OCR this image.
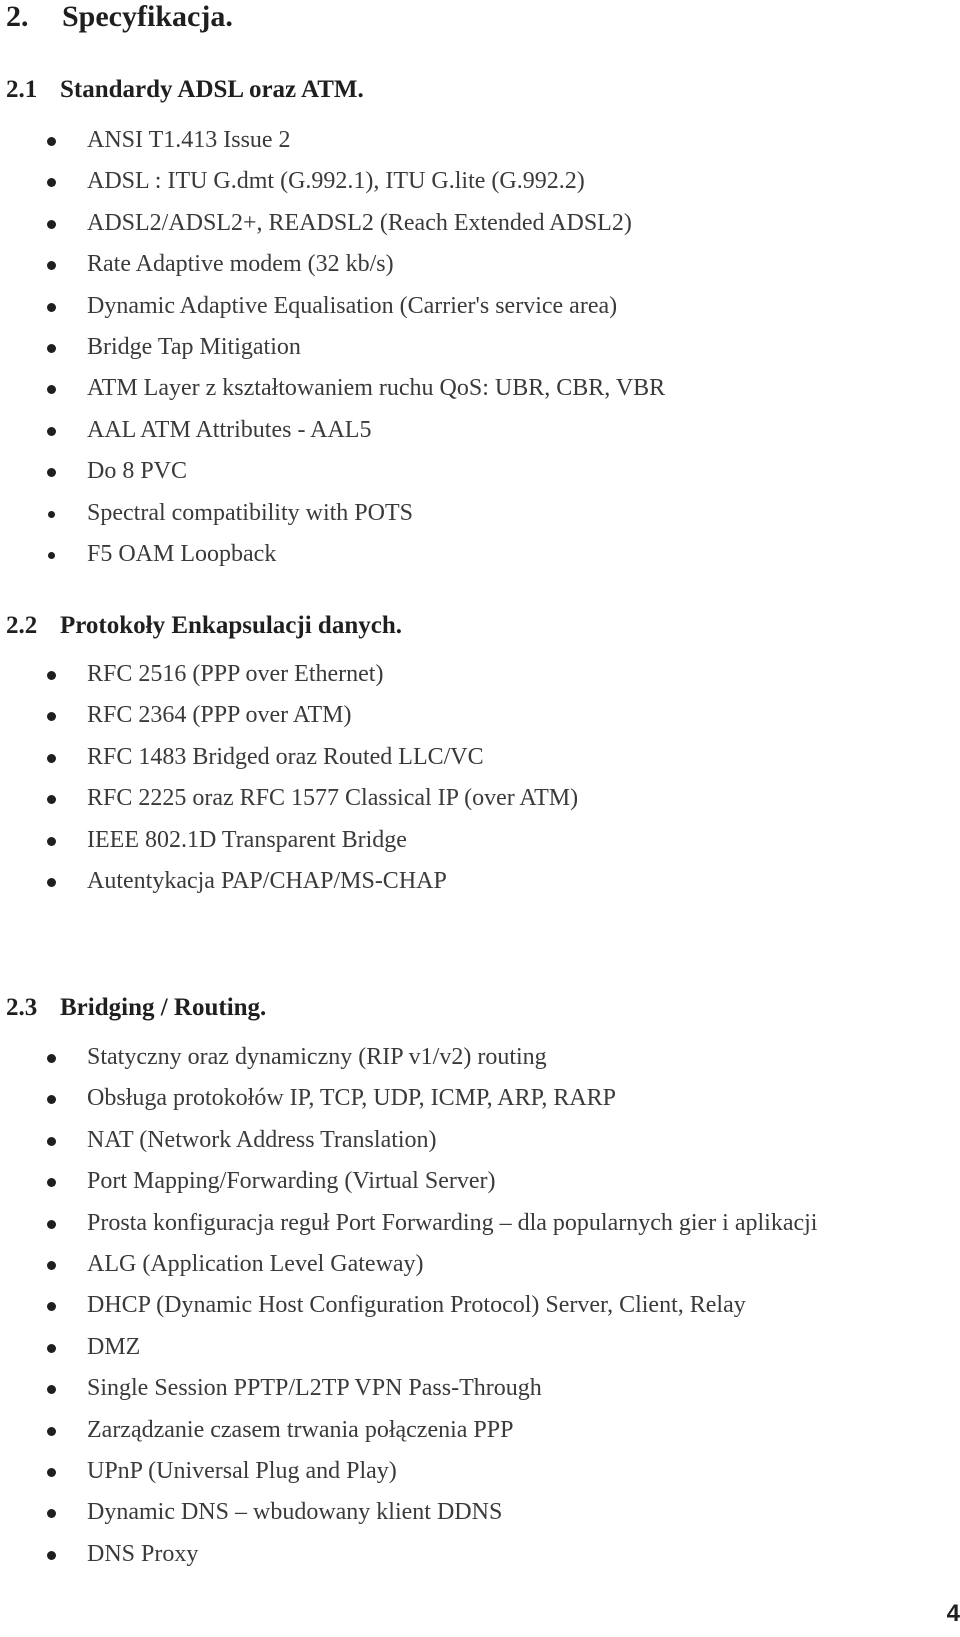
2. Specyfikacja.
2.1 Standardy ADSL oraz ATM.
ANSI T1.413 Issue 2
ADSL : ITU G.dmt (G.992.1), ITU G.lite (G.992.2)
ADSL2/ADSL2+, READSL2 (Reach Extended ADSL2)
Rate Adaptive modem (32 kb/s)
Dynamic Adaptive Equalisation (Carrier's service area)
Bridge Tap Mitigation
ATM Layer z kształtowaniem ruchu QoS: UBR, CBR, VBR
AAL ATM Attributes - AAL5
Do 8 PVC
Spectral compatibility with POTS
F5 OAM Loopback
2.2 Protokoły Enkapsulacji danych.
RFC 2516 (PPP over Ethernet)
RFC 2364 (PPP over ATM)
RFC 1483 Bridged oraz Routed LLC/VC
RFC 2225 oraz RFC 1577 Classical IP (over ATM)
IEEE 802.1D Transparent Bridge
Autentykacja PAP/CHAP/MS-CHAP
2.3 Bridging / Routing.
Statyczny oraz dynamiczny (RIP v1/v2) routing
Obsługa protokołów IP, TCP, UDP, ICMP, ARP, RARP
NAT (Network Address Translation)
Port Mapping/Forwarding (Virtual Server)
Prosta konfiguracja reguł Port Forwarding – dla popularnych gier i aplikacji
ALG (Application Level Gateway)
DHCP (Dynamic Host Configuration Protocol) Server, Client, Relay
DMZ
Single Session PPTP/L2TP VPN Pass-Through
Zarządzanie czasem trwania połączenia PPP
UPnP (Universal Plug and Play)
Dynamic DNS – wbudowany klient DDNS
DNS Proxy
4
